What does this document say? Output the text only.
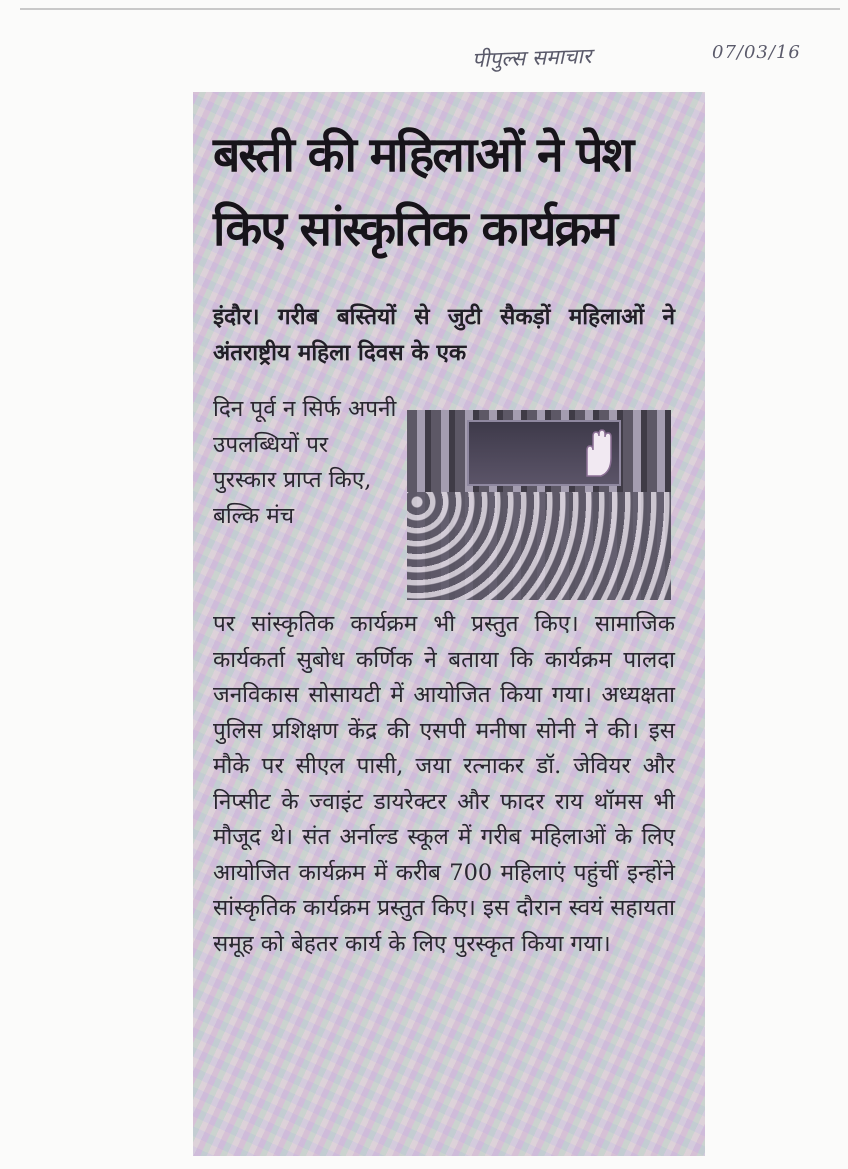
पीपुल्स समाचार	07/03/16
बस्ती की महिलाओं ने पेश
किए सांस्कृतिक कार्यक्रम
इंदौर। गरीब बस्तियों से जुटी सैकड़ों महिलाओं ने अंतराष्ट्रीय महिला दिवस के एक
दिन पूर्व न सिर्फ अपनी उपलब्धियों पर पुरस्कार प्राप्त किए, बल्कि मंच
पर सांस्कृतिक कार्यक्रम भी प्रस्तुत किए। सामाजिक कार्यकर्ता सुबोध कर्णिक ने बताया कि कार्यक्रम पालदा जनविकास सोसायटी में आयोजित किया गया। अध्यक्षता पुलिस प्रशिक्षण केंद्र की एसपी मनीषा सोनी ने की। इस मौके पर सीएल पासी, जया रत्नाकर डॉ. जेवियर और निप्सीट के ज्वाइंट डायरेक्टर और फादर राय थॉमस भी मौजूद थे। संत अर्नाल्ड स्कूल में गरीब महिलाओं के लिए आयोजित कार्यक्रम में करीब 700 महिलाएं पहुंचीं इन्होंने सांस्कृतिक कार्यक्रम प्रस्तुत किए। इस दौरान स्वयं सहायता समूह को बेहतर कार्य के लिए पुरस्कृत किया गया।
